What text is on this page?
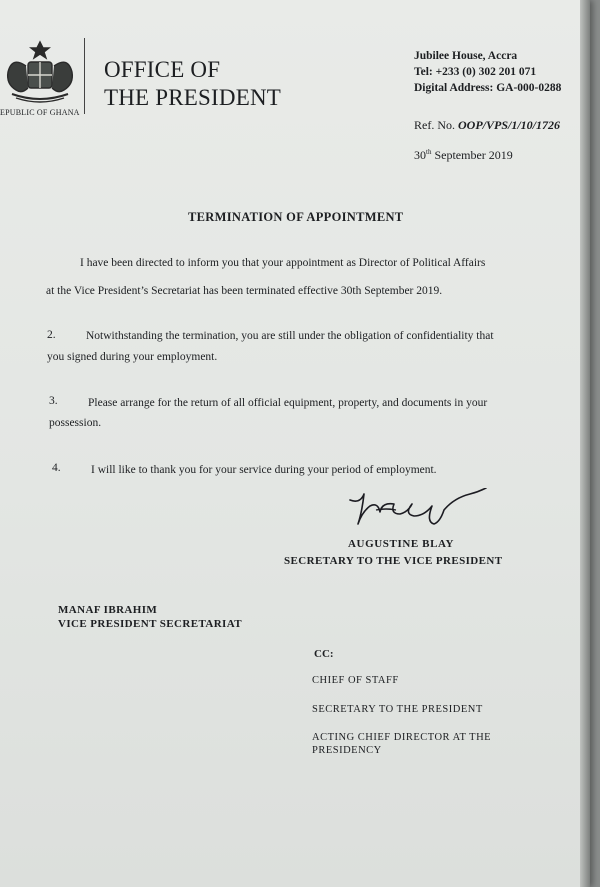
EPUBLIC OF GHANA
OFFICE OF
THE PRESIDENT
Jubilee House, Accra
Tel: +233 (0) 302 201 071
Digital Address: GA-000-0288
Ref. No. OOP/VPS/1/10/1726
30th September 2019
TERMINATION OF APPOINTMENT
I have been directed to inform you that your appointment as Director of Political Affairs
at the Vice President’s Secretariat has been terminated effective 30th September 2019.
2.	Notwithstanding the termination, you are still under the obligation of confidentiality that
you signed during your employment.
3.	Please arrange for the return of all official equipment, property, and documents in your
possession.
4.	I will like to thank you for your service during your period of employment.
AUGUSTINE BLAY
SECRETARY TO THE VICE PRESIDENT
MANAF IBRAHIM
VICE PRESIDENT SECRETARIAT
CC:
CHIEF OF STAFF
SECRETARY TO THE PRESIDENT
ACTING CHIEF DIRECTOR AT THE
PRESIDENCY
